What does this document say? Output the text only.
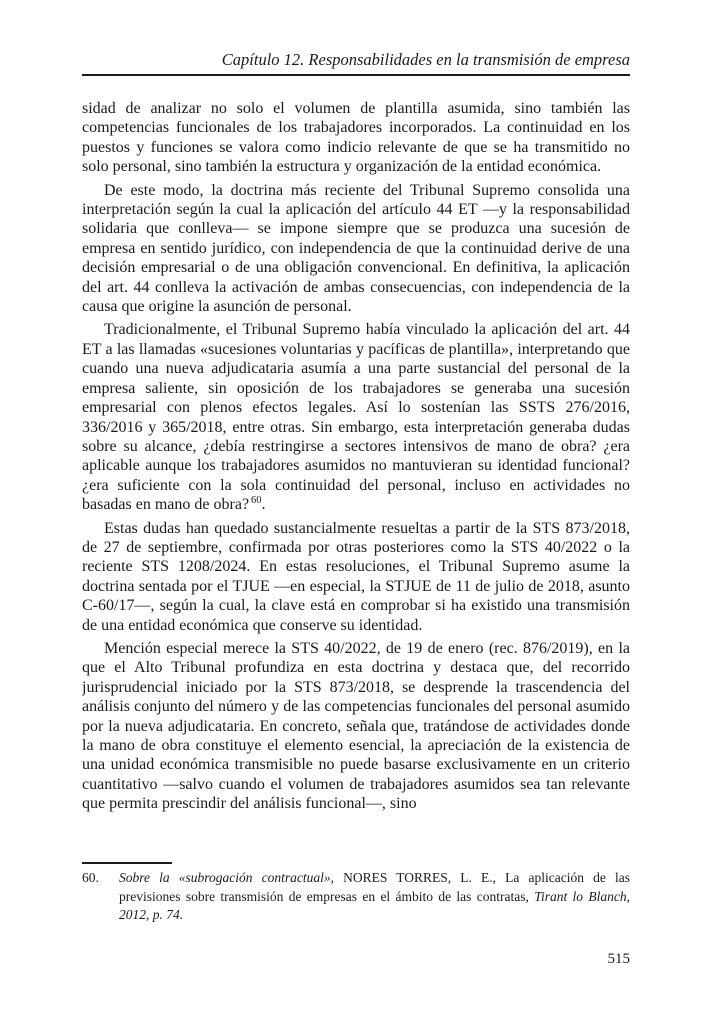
Capítulo 12. Responsabilidades en la transmisión de empresa

sidad de analizar no solo el volumen de plantilla asumida, sino también las competencias funcionales de los trabajadores incorporados. La continuidad en los puestos y funciones se valora como indicio relevante de que se ha transmitido no solo personal, sino también la estructura y organización de la entidad económica.

De este modo, la doctrina más reciente del Tribunal Supremo consolida una interpretación según la cual la aplicación del artículo 44 ET —y la responsabilidad solidaria que conlleva— se impone siempre que se produzca una sucesión de empresa en sentido jurídico, con independencia de que la continuidad derive de una decisión empresarial o de una obligación convencional. En definitiva, la aplicación del art. 44 conlleva la activación de ambas consecuencias, con independencia de la causa que origine la asunción de personal.

Tradicionalmente, el Tribunal Supremo había vinculado la aplicación del art. 44 ET a las llamadas «sucesiones voluntarias y pacíficas de plantilla», interpretando que cuando una nueva adjudicataria asumía a una parte sustancial del personal de la empresa saliente, sin oposición de los trabajadores se generaba una sucesión empresarial con plenos efectos legales. Así lo sostenían las SSTS 276/2016, 336/2016 y 365/2018, entre otras. Sin embargo, esta interpretación generaba dudas sobre su alcance, ¿debía restringirse a sectores intensivos de mano de obra? ¿era aplicable aunque los trabajadores asumidos no mantuvieran su identidad funcional? ¿era suficiente con la sola continuidad del personal, incluso en actividades no basadas en mano de obra? $^{60}$.

Estas dudas han quedado sustancialmente resueltas a partir de la STS 873/2018, de 27 de septiembre, confirmada por otras posteriores como la STS 40/2022 o la reciente STS 1208/2024. En estas resoluciones, el Tribunal Supremo asume la doctrina sentada por el TJUE —en especial, la STJUE de 11 de julio de 2018, asunto C-60/17—, según la cual, la clave está en comprobar si ha existido una transmisión de una entidad económica que conserve su identidad.

Mención especial merece la STS 40/2022, de 19 de enero (rec. 876/2019), en la que el Alto Tribunal profundiza en esta doctrina y destaca que, del recorrido jurisprudencial iniciado por la STS 873/2018, se desprende la trascendencia del análisis conjunto del número y de las competencias funcionales del personal asumido por la nueva adjudicataria. En concreto, señala que, tratándose de actividades donde la mano de obra constituye el elemento esencial, la apreciación de la existencia de una unidad económica transmisible no puede basarse exclusivamente en un criterio cuantitativo —salvo cuando el volumen de trabajadores asumidos sea tan relevante que permita prescindir del análisis funcional—, sino

60.	Sobre la «subrogación contractual», NORES TORRES, L. E., La aplicación de las previsiones sobre transmisión de empresas en el ámbito de las contratas, Tirant lo Blanch, 2012, p. 74.
515
